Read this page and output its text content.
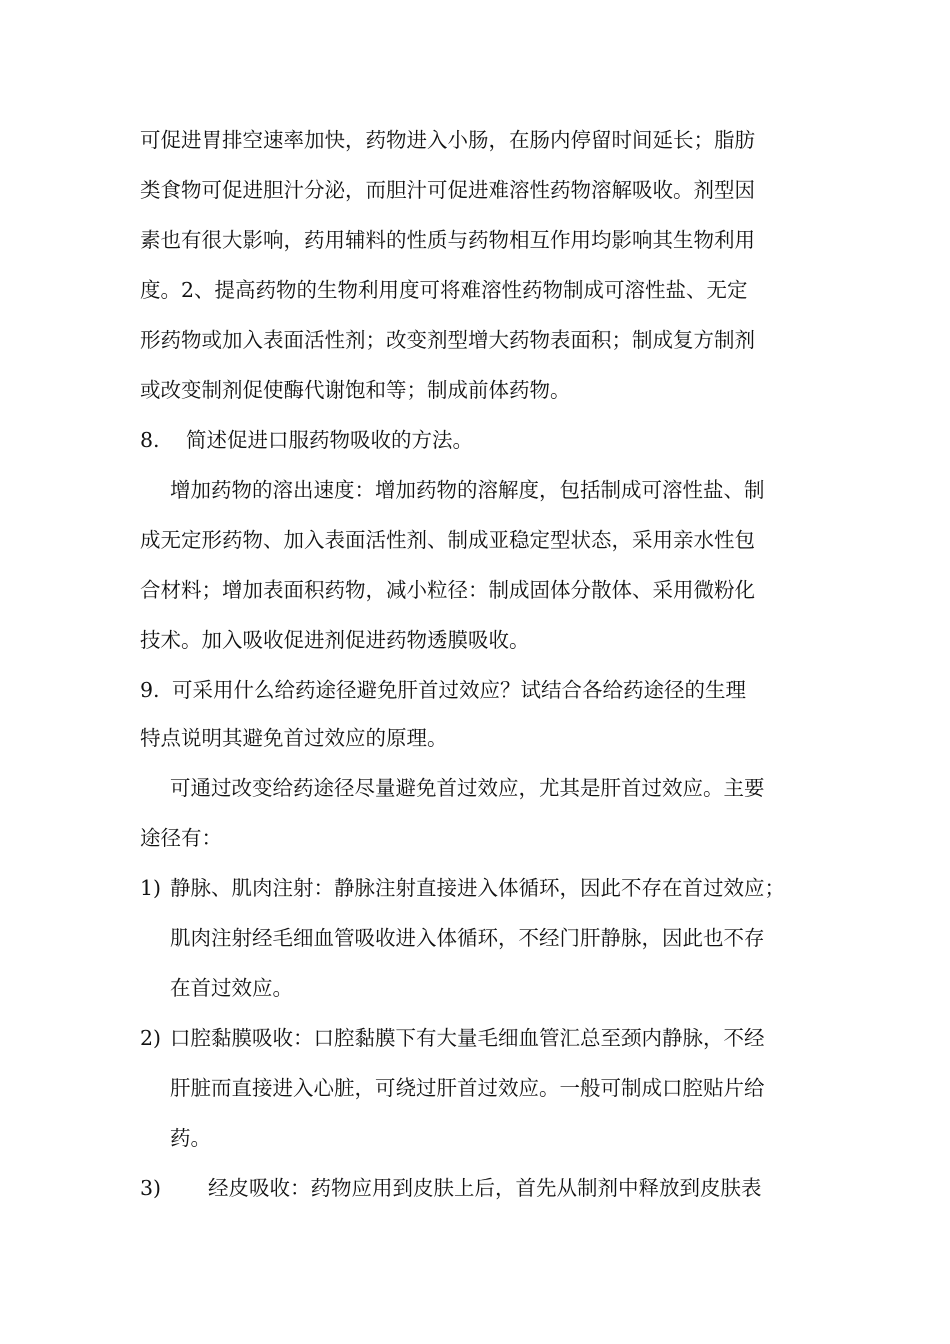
可促进胃排空速率加快，药物进入小肠，在肠内停留时间延长；脂肪
类食物可促进胆汁分泌，而胆汁可促进难溶性药物溶解吸收。剂型因
素也有很大影响，药用辅料的性质与药物相互作用均影响其生物利用
度。2、提高药物的生物利用度可将难溶性药物制成可溶性盐、无定
形药物或加入表面活性剂；改变剂型增大药物表面积；制成复方制剂
或改变制剂促使酶代谢饱和等；制成前体药物。
8. 简述促进口服药物吸收的方法。
增加药物的溶出速度：增加药物的溶解度，包括制成可溶性盐、制
成无定形药物、加入表面活性剂、制成亚稳定型状态，采用亲水性包
合材料；增加表面积药物，减小粒径：制成固体分散体、采用微粉化
技术。加入吸收促进剂促进药物透膜吸收。
9. 可采用什么给药途径避免肝首过效应？试结合各给药途径的生理
特点说明其避免首过效应的原理。
可通过改变给药途径尽量避免首过效应，尤其是肝首过效应。主要
途径有：
1) 静脉、肌肉注射：静脉注射直接进入体循环，因此不存在首过效应；
肌肉注射经毛细血管吸收进入体循环，不经门肝静脉，因此也不存
在首过效应。
2) 口腔黏膜吸收：口腔黏膜下有大量毛细血管汇总至颈内静脉，不经
肝脏而直接进入心脏，可绕过肝首过效应。一般可制成口腔贴片给
药。
3) 经皮吸收：药物应用到皮肤上后，首先从制剂中释放到皮肤表
